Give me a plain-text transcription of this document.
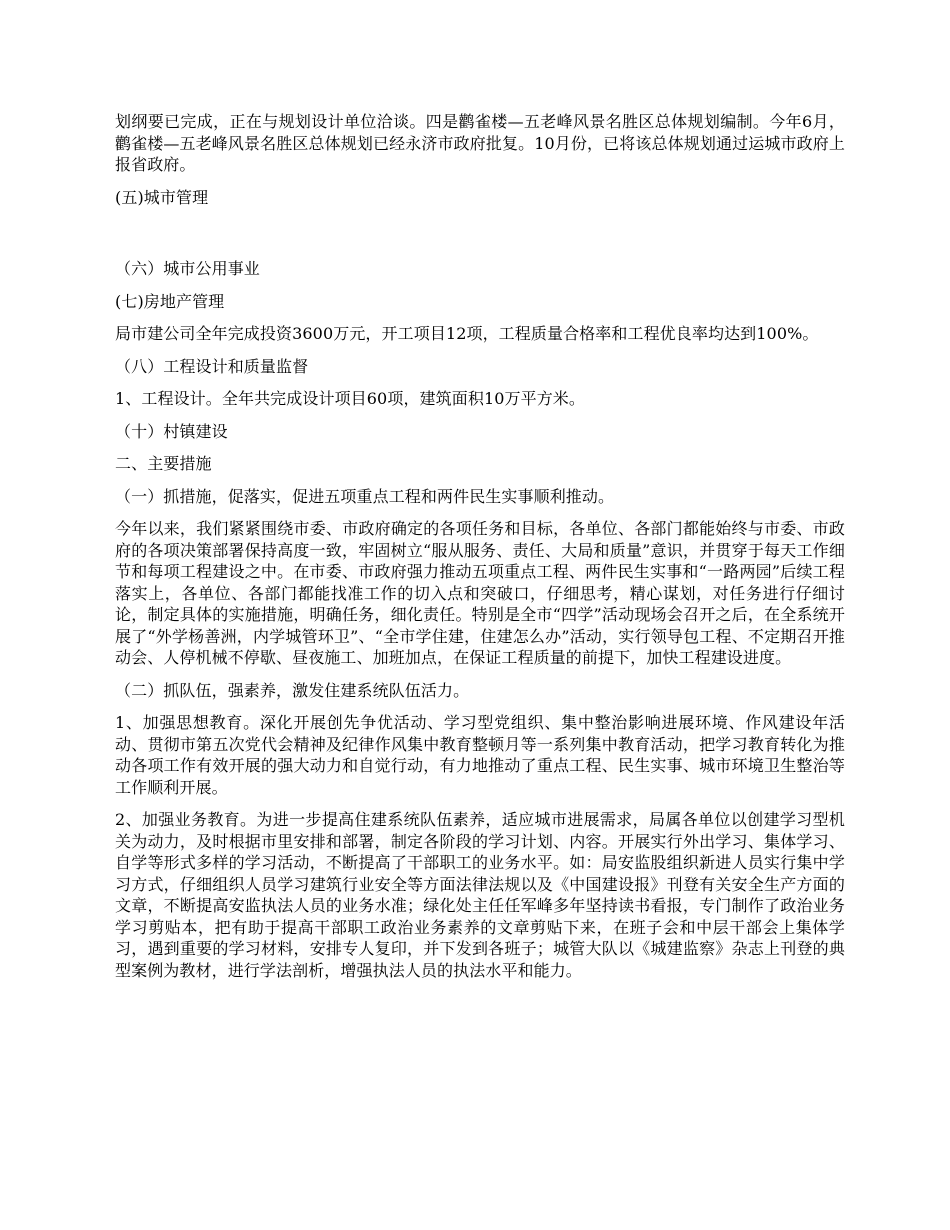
划纲要已完成，正在与规划设计单位洽谈。四是鹳雀楼—五老峰风景名胜区总体规划编制。今年6月，鹳雀楼—五老峰风景名胜区总体规划已经永济市政府批复。10月份，已将该总体规划通过运城市政府上报省政府。

(五)城市管理

（六）城市公用事业

(七)房地产管理

局市建公司全年完成投资3600万元，开工项目12项，工程质量合格率和工程优良率均达到100%。

（八）工程设计和质量监督

1、工程设计。全年共完成设计项目60项，建筑面积10万平方米。

（十）村镇建设

二、主要措施

（一）抓措施，促落实，促进五项重点工程和两件民生实事顺利推动。

今年以来，我们紧紧围绕市委、市政府确定的各项任务和目标，各单位、各部门都能始终与市委、市政府的各项决策部署保持高度一致，牢固树立“服从服务、责任、大局和质量”意识，并贯穿于每天工作细节和每项工程建设之中。在市委、市政府强力推动五项重点工程、两件民生实事和“一路两园”后续工程落实上，各单位、各部门都能找准工作的切入点和突破口，仔细思考，精心谋划，对任务进行仔细讨论，制定具体的实施措施，明确任务，细化责任。特别是全市“四学”活动现场会召开之后，在全系统开展了“外学杨善洲，内学城管环卫”、“全市学住建，住建怎么办”活动，实行领导包工程、不定期召开推动会、人停机械不停歇、昼夜施工、加班加点，在保证工程质量的前提下，加快工程建设进度。

（二）抓队伍，强素养，激发住建系统队伍活力。

1、加强思想教育。深化开展创先争优活动、学习型党组织、集中整治影响进展环境、作风建设年活动、贯彻市第五次党代会精神及纪律作风集中教育整顿月等一系列集中教育活动，把学习教育转化为推动各项工作有效开展的强大动力和自觉行动，有力地推动了重点工程、民生实事、城市环境卫生整治等工作顺利开展。

2、加强业务教育。为进一步提高住建系统队伍素养，适应城市进展需求，局属各单位以创建学习型机关为动力，及时根据市里安排和部署，制定各阶段的学习计划、内容。开展实行外出学习、集体学习、自学等形式多样的学习活动，不断提高了干部职工的业务水平。如：局安监股组织新进人员实行集中学习方式，仔细组织人员学习建筑行业安全等方面法律法规以及《中国建设报》刊登有关安全生产方面的文章，不断提高安监执法人员的业务水准；绿化处主任任军峰多年坚持读书看报，专门制作了政治业务学习剪贴本，把有助于提高干部职工政治业务素养的文章剪贴下来，在班子会和中层干部会上集体学习，遇到重要的学习材料，安排专人复印，并下发到各班子；城管大队以《城建监察》杂志上刊登的典型案例为教材，进行学法剖析，增强执法人员的执法水平和能力。
